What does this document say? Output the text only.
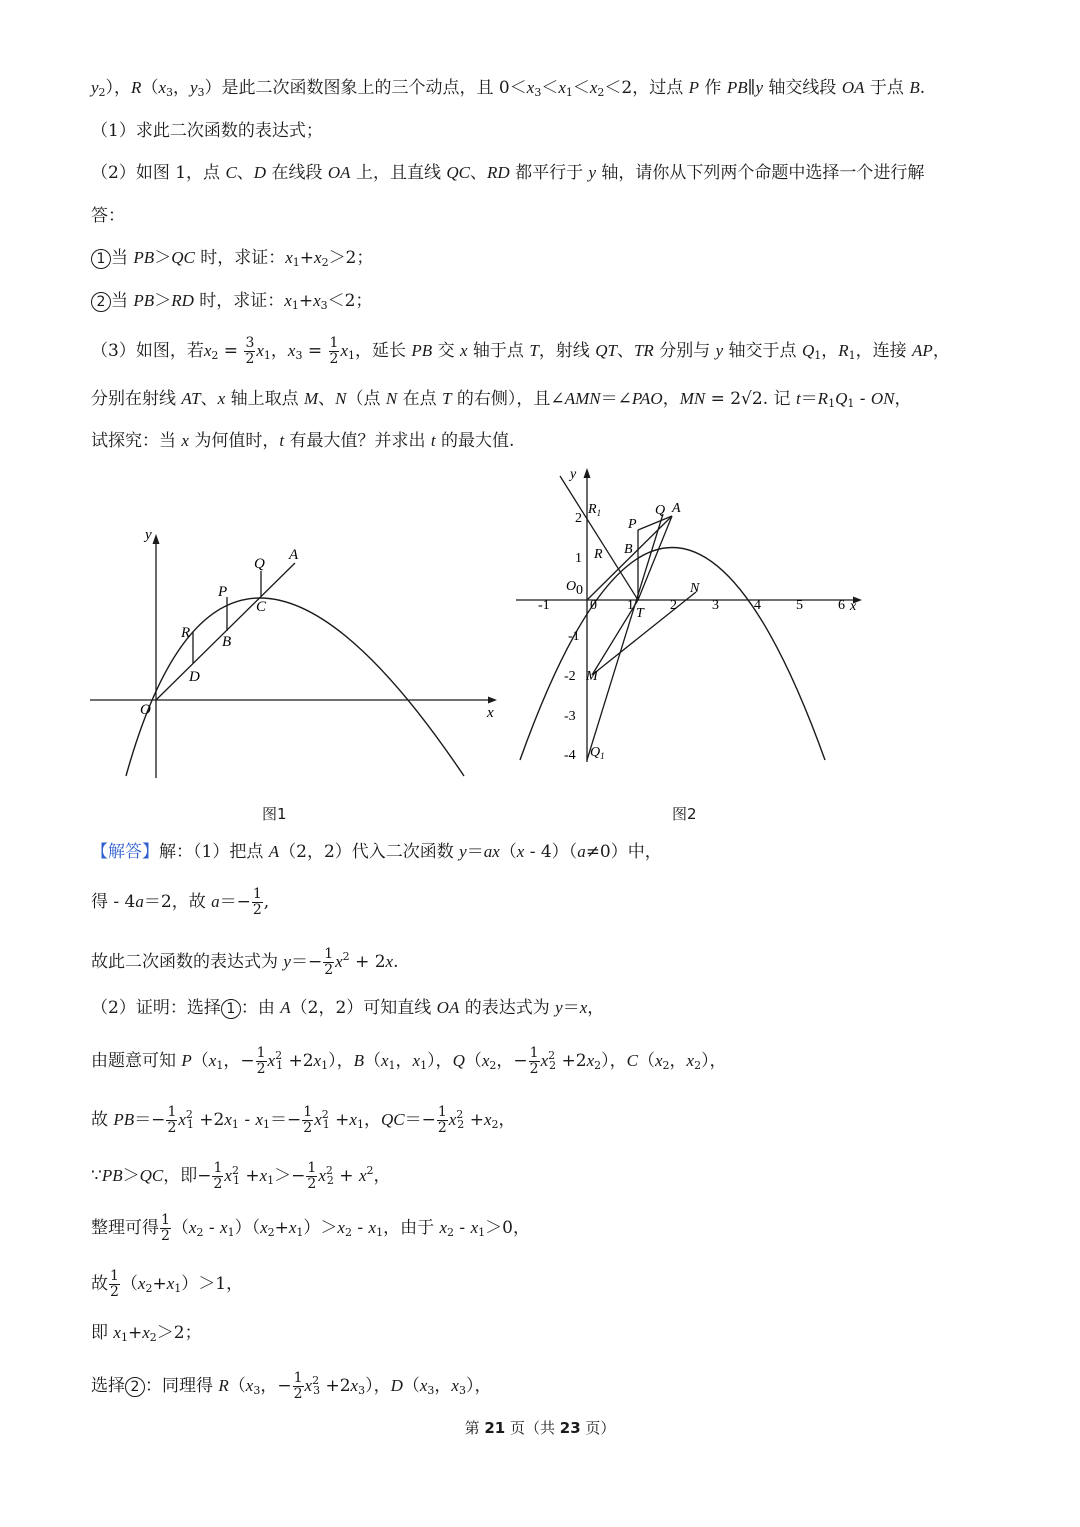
$y_2$），$R(x_3$，$y_3$）是此二次函数图象上的三个动点，且 $0<x_3<x_1<x_2<2$，过点 P 作 PB∥y 轴交线段 OA 于点 B.
（1）求此二次函数的表达式；
（2）如图 1，点 C、D 在线段 OA 上，且直线 QC、RD 都平行于 y 轴，请你从下列两个命题中选择一个进行解
答：
1 当 PB＞QC 时，求证：$x_1+x_2>2$；
2 当 PB＞RD 时，求证：$x_1+x_3<2$；
（3）如图，若$x_2 = \frac{3}{2} x_1$，$x_3 = \frac{1}{2} x_1$，延长 PB 交 x 轴于点 T，射线 QT、TR 分别与 y 轴交于点 $Q_1$，$R_1$，连接 AP，
分别在射线 AT、x 轴上取点 M、N（点 N 在点 T 的右侧），且∠AMN＝∠PAO，MN = 2√2. 记 $t=R_1Q_1$ - ON，
试探究：当 x 为何值时，t 有最大值？并求出 t 的最大值.
y
x
O
A
Q
P
C
R
B
D
图1
y
x
-1	0 1	2	3	4	5	6
2
1
-1
-2
-3
-4
O 0
$R_1$
$Q_1$
A
Q
P
B
R
N
T
M
图2
【解答】解：（1）把点 A（2，2）代入二次函数 y＝ax（x - 4）（a≠0）中，
得 - 4a＝2，故 $a=- \frac{1}{2}$ ,
故此二次函数的表达式为 $y=- \frac{1}{2} x^2 + 2x$.
（2）证明：选择 1 ：由 A（2，2）可知直线 OA 的表达式为 y＝x，
由题意可知 $P(x_1$，− $\frac{1}{2} x^2_1 +2x_1$），$B(x_1$，$x_1$），$Q(x_2$，− $\frac{1}{2} x^2_2 +2x_2$），$C(x_2$，$x_2$），
故 $PB=- \frac{1}{2} x^2_1 +2x_1 - x_1=- \frac{1}{2} x^2_1 +x_1$，$QC=- \frac{1}{2} x^2_2 +x_2$，
∵PB＞QC，即− $\frac{1}{2} x^2_1 +x_1>- \frac{1}{2} x^2_2 + x^2$，
整理可得 $\frac{1}{2} (x_2 - x_1)(x_2+x_1)>x_2 - x_1$，由于 $x_2 - x_1>0$，
故 $\frac{1}{2} (x_2+x_1)>1$，
即 $x_1+x_2>2$；
选择 2 ：同理得 $R(x_3$，− $\frac{1}{2} x^2_3 +2x_3$），$D(x_3$，$x_3$），
第 21 页（共 23 页）
